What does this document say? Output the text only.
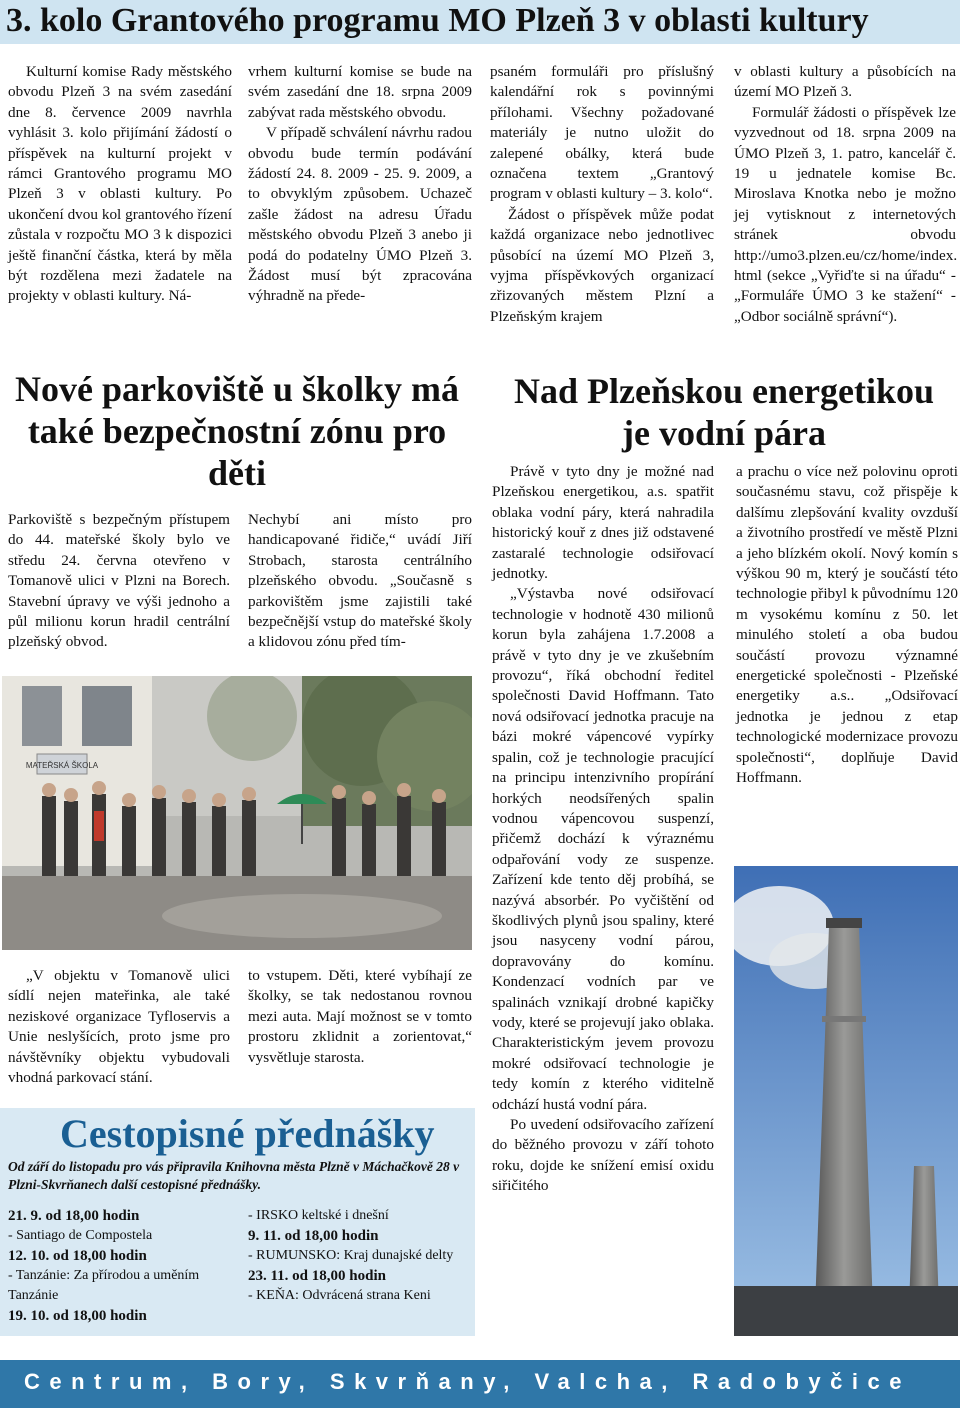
3. kolo Grantového programu MO Plzeň 3 v oblasti kultury

Kulturní komise Rady městského obvodu Plzeň 3 na svém zasedání dne 8. července 2009 navrhla vyhlásit 3. kolo přijímání žádostí o příspěvek na kulturní projekt v rámci Grantového programu MO Plzeň 3 v oblasti kultury. Po ukončení dvou kol grantového řízení zůstala v rozpočtu MO 3 k dispozici ještě finanční částka, která by měla být rozdělena mezi žadatele na projekty v oblasti kultury. Ná-

vrhem kulturní komise se bude na svém zasedání dne 18. srpna 2009 zabývat rada městského obvodu.

V případě schválení návrhu radou obvodu bude termín podávání žádostí 24. 8. 2009 - 25. 9. 2009, a to obvyklým způsobem. Uchazeč zašle žádost na adresu Úřadu městského obvodu Plzeň 3 anebo ji podá do podatelny ÚMO Plzeň 3. Žádost musí být zpracována výhradně na přede-

psaném formuláři pro příslušný kalendářní rok s povinnými přílohami. Všechny požadované materiály je nutno uložit do zalepené obálky, která bude označena textem „Grantový program v oblasti kultury – 3. kolo“.

Žádost o příspěvek může podat každá organizace nebo jednotlivec působící na území MO Plzeň 3, vyjma příspěvkových organizací zřizovaných městem Plzní a Plzeňským krajem

v oblasti kultury a působících na území MO Plzeň 3.

Formulář žádosti o příspěvek lze vyzvednout od 18. srpna 2009 na ÚMO Plzeň 3, 1. patro, kancelář č. 19 u jednatele komise Bc. Miroslava Knotka nebo je možno jej vytisknout z internetových stránek obvodu http://umo3.plzen.eu/cz/home/index. html (sekce „Vyřiďte si na úřadu“ - „Formuláře ÚMO 3 ke stažení“ - „Odbor sociálně správní“).

Nové parkoviště u školky má také bezpečnostní zónu pro děti

Parkoviště s bezpečným přístupem do 44. mateřské školy bylo ve středu 24. června otevřeno v Tomanově ulici v Plzni na Borech. Stavební úpravy ve výši jednoho a půl milionu korun hradil centrální plzeňský obvod.

Nechybí ani místo pro handicapované řidiče,“ uvádí Jiří Strobach, starosta centrálního plzeňského obvodu. „Současně s parkovištěm jsme zajistili také bezpečnější vstup do mateřské školy a klidovou zónu před tím-

MATEŘSKÁ ŠKOLA

„V objektu v Tomanově ulici sídlí nejen mateřinka, ale také neziskové organizace Tyfloservis a Unie neslyšících, proto jsme pro návštěvníky objektu vybudovali vhodná parkovací stání.

to vstupem. Děti, které vybíhají ze školky, se tak nedostanou rovnou mezi auta. Mají možnost se v tomto prostoru zklidnit a zorientovat,“ vysvětluje starosta.

Nad Plzeňskou energetikou je vodní pára

Právě v tyto dny je možné nad Plzeňskou energetikou, a.s. spatřit oblaka vodní páry, která nahradila historický kouř z dnes již odstavené zastaralé technologie odsiřovací jednotky.

„Výstavba nové odsiřovací technologie v hodnotě 430 milionů korun byla zahájena 1.7.2008 a právě v tyto dny je ve zkušebním provozu“, říká obchodní ředitel společnosti David Hoffmann. Tato nová odsiřovací jednotka pracuje na bázi mokré vápencové vypírky spalin, což je technologie pracující na principu intenzivního propírání horkých neodsířených spalin vodnou vápencovou suspenzí, přičemž dochází k výraznému odpařování vody ze suspenze. Zařízení kde tento děj probíhá, se nazývá absorbér. Po vyčištění od škodlivých plynů jsou spaliny, které jsou nasyceny vodní párou, dopravovány do komínu. Kondenzací vodních par ve spalinách vznikají drobné kapičky vody, které se projevují jako oblaka. Charakteristickým jevem provozu mokré odsiřovací technologie je tedy komín z kterého viditelně odchází hustá vodní pára.

Po uvedení odsiřovacího zařízení do běžného provozu v září tohoto roku, dojde ke snížení emisí oxidu siřičitého

a prachu o více než polovinu oproti současnému stavu, což přispěje k dalšímu zlepšování kvality ovzduší a životního prostředí ve městě Plzni a jeho blízkém okolí. Nový komín s výškou 90 m, který je součástí této technologie přibyl k původnímu 120 m vysokému komínu z 50. let minulého století a oba budou součástí provozu významné energetické společnosti - Plzeňské energetiky a.s.. „Odsiřovací jednotka je jednou z etap technologické modernizace provozu společnosti“, doplňuje David Hoffmann.

Cestopisné přednášky
Od září do listopadu pro vás připravila Knihovna města Plzně v Máchačkově 28 v Plzni-Skvrňanech další cestopisné přednášky.
21. 9. od 18,00 hodin
- Santiago de Compostela
12. 10. od 18,00 hodin
- Tanzánie: Za přírodou a uměním Tanzánie
19. 10. od 18,00 hodin
- IRSKO keltské i dnešní
9. 11. od 18,00 hodin
- RUMUNSKO: Kraj dunajské delty
23. 11. od 18,00 hodin
- KEŇA: Odvrácená strana Keni
Centrum, Bory, Skvrňany, Valcha, Radobyčice
